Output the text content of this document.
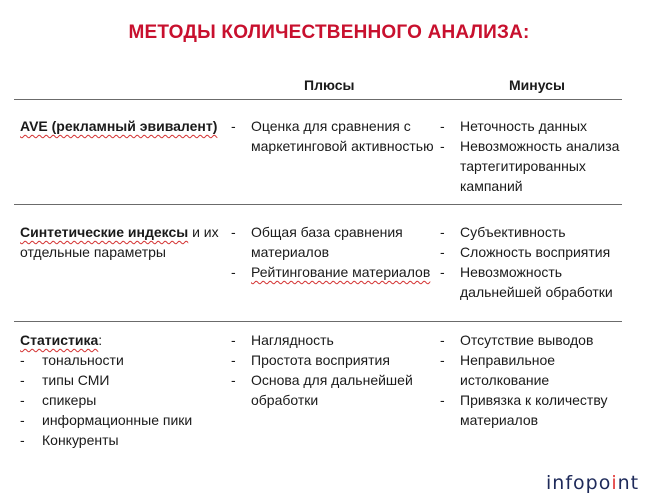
МЕТОДЫ КОЛИЧЕСТВЕННОГО АНАЛИЗА:
Плюсы	Минусы
AVE (рекламный эвивалент)
-	Оценка для сравнения с маркетинговой активностью
- Неточность данных
- Невозможность анализа тартегитированных кампаний
Синтетические индексы и их отдельные параметры
- Общая база сравнения материалов
- Рейтингование материалов
- Субъективность
- Сложность восприятия
- Невозможность дальнейшей обработки
Статистика:
- тональности
- типы СМИ
- спикеры
- информационные пики
- Конкуренты
- Наглядность
- Простота восприятия
- Основа для дальнейшей обработки
- Отсутствие выводов
- Неправильное истолкование
- Привязка к количеству материалов
infopoint
